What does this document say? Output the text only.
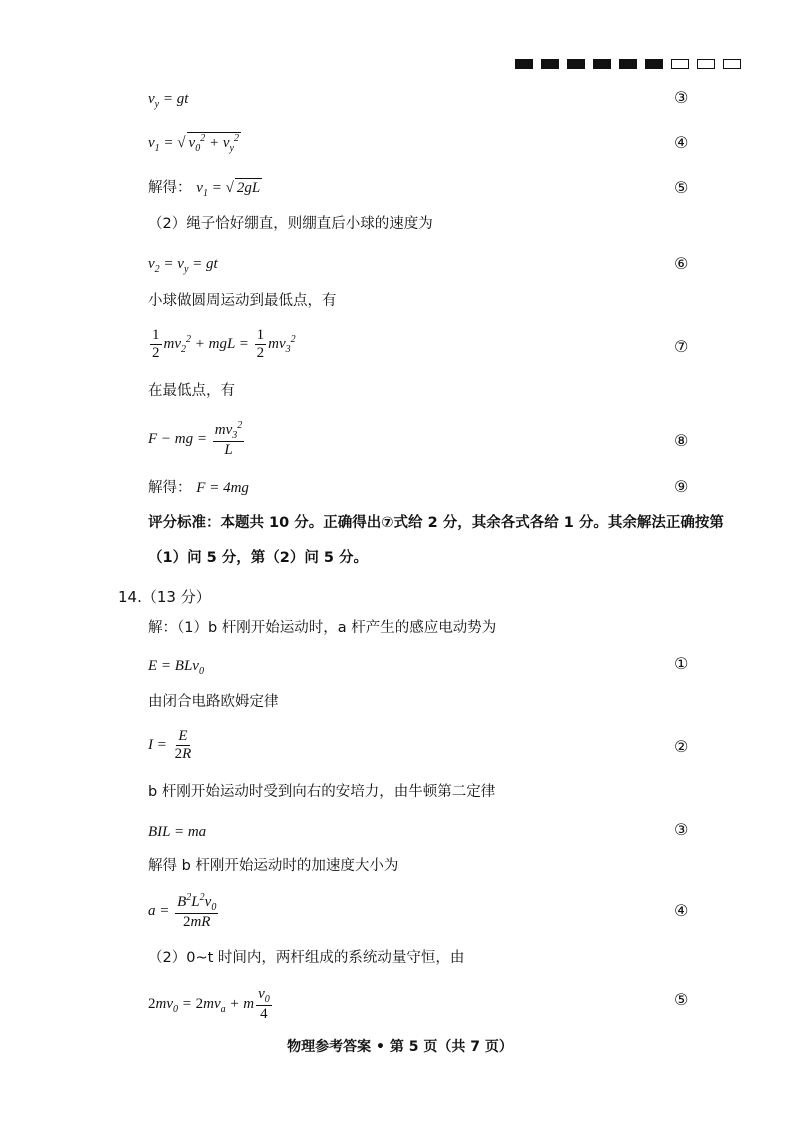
$v_y$ = gt	③
$v_1$ = √ $v_0^2 + v_y^2$	④
解得： $v_1$ = √ 2gL	⑤
（2）绳子恰好绷直，则绷直后小球的速度为
$v_2 = v_y$ = gt	⑥
小球做圆周运动到最低点，有
$\frac{1}{2} mv_2^2$ + mgL = $\frac{1}{2} mv_3^2$	⑦
在最低点，有
F − mg = $\frac{mv_3^2}{L}$	⑧
解得： F = 4mg	⑨
评分标准：本题共 10 分。正确得出⑦式给 2 分，其余各式各给 1 分。其余解法正确按第
（1）问 5 分，第（2）问 5 分。
14.（13 分）
解：（1）b 杆刚开始运动时，a 杆产生的感应电动势为
E = BLv$_0$	①
由闭合电路欧姆定律
$I = \frac{E}{2R}$	②
b 杆刚开始运动时受到向右的安培力，由牛顿第二定律
BIL = ma	③
解得 b 杆刚开始运动时的加速度大小为
$a = \frac{B^2L^2v_0}{2mR}$	④
（2）0~t 时间内，两杆组成的系统动量守恒，由
$2mv_0 = 2mv_a + m \frac{v_0}{4}$	⑤
物理参考答案 • 第 5 页（共 7 页）
